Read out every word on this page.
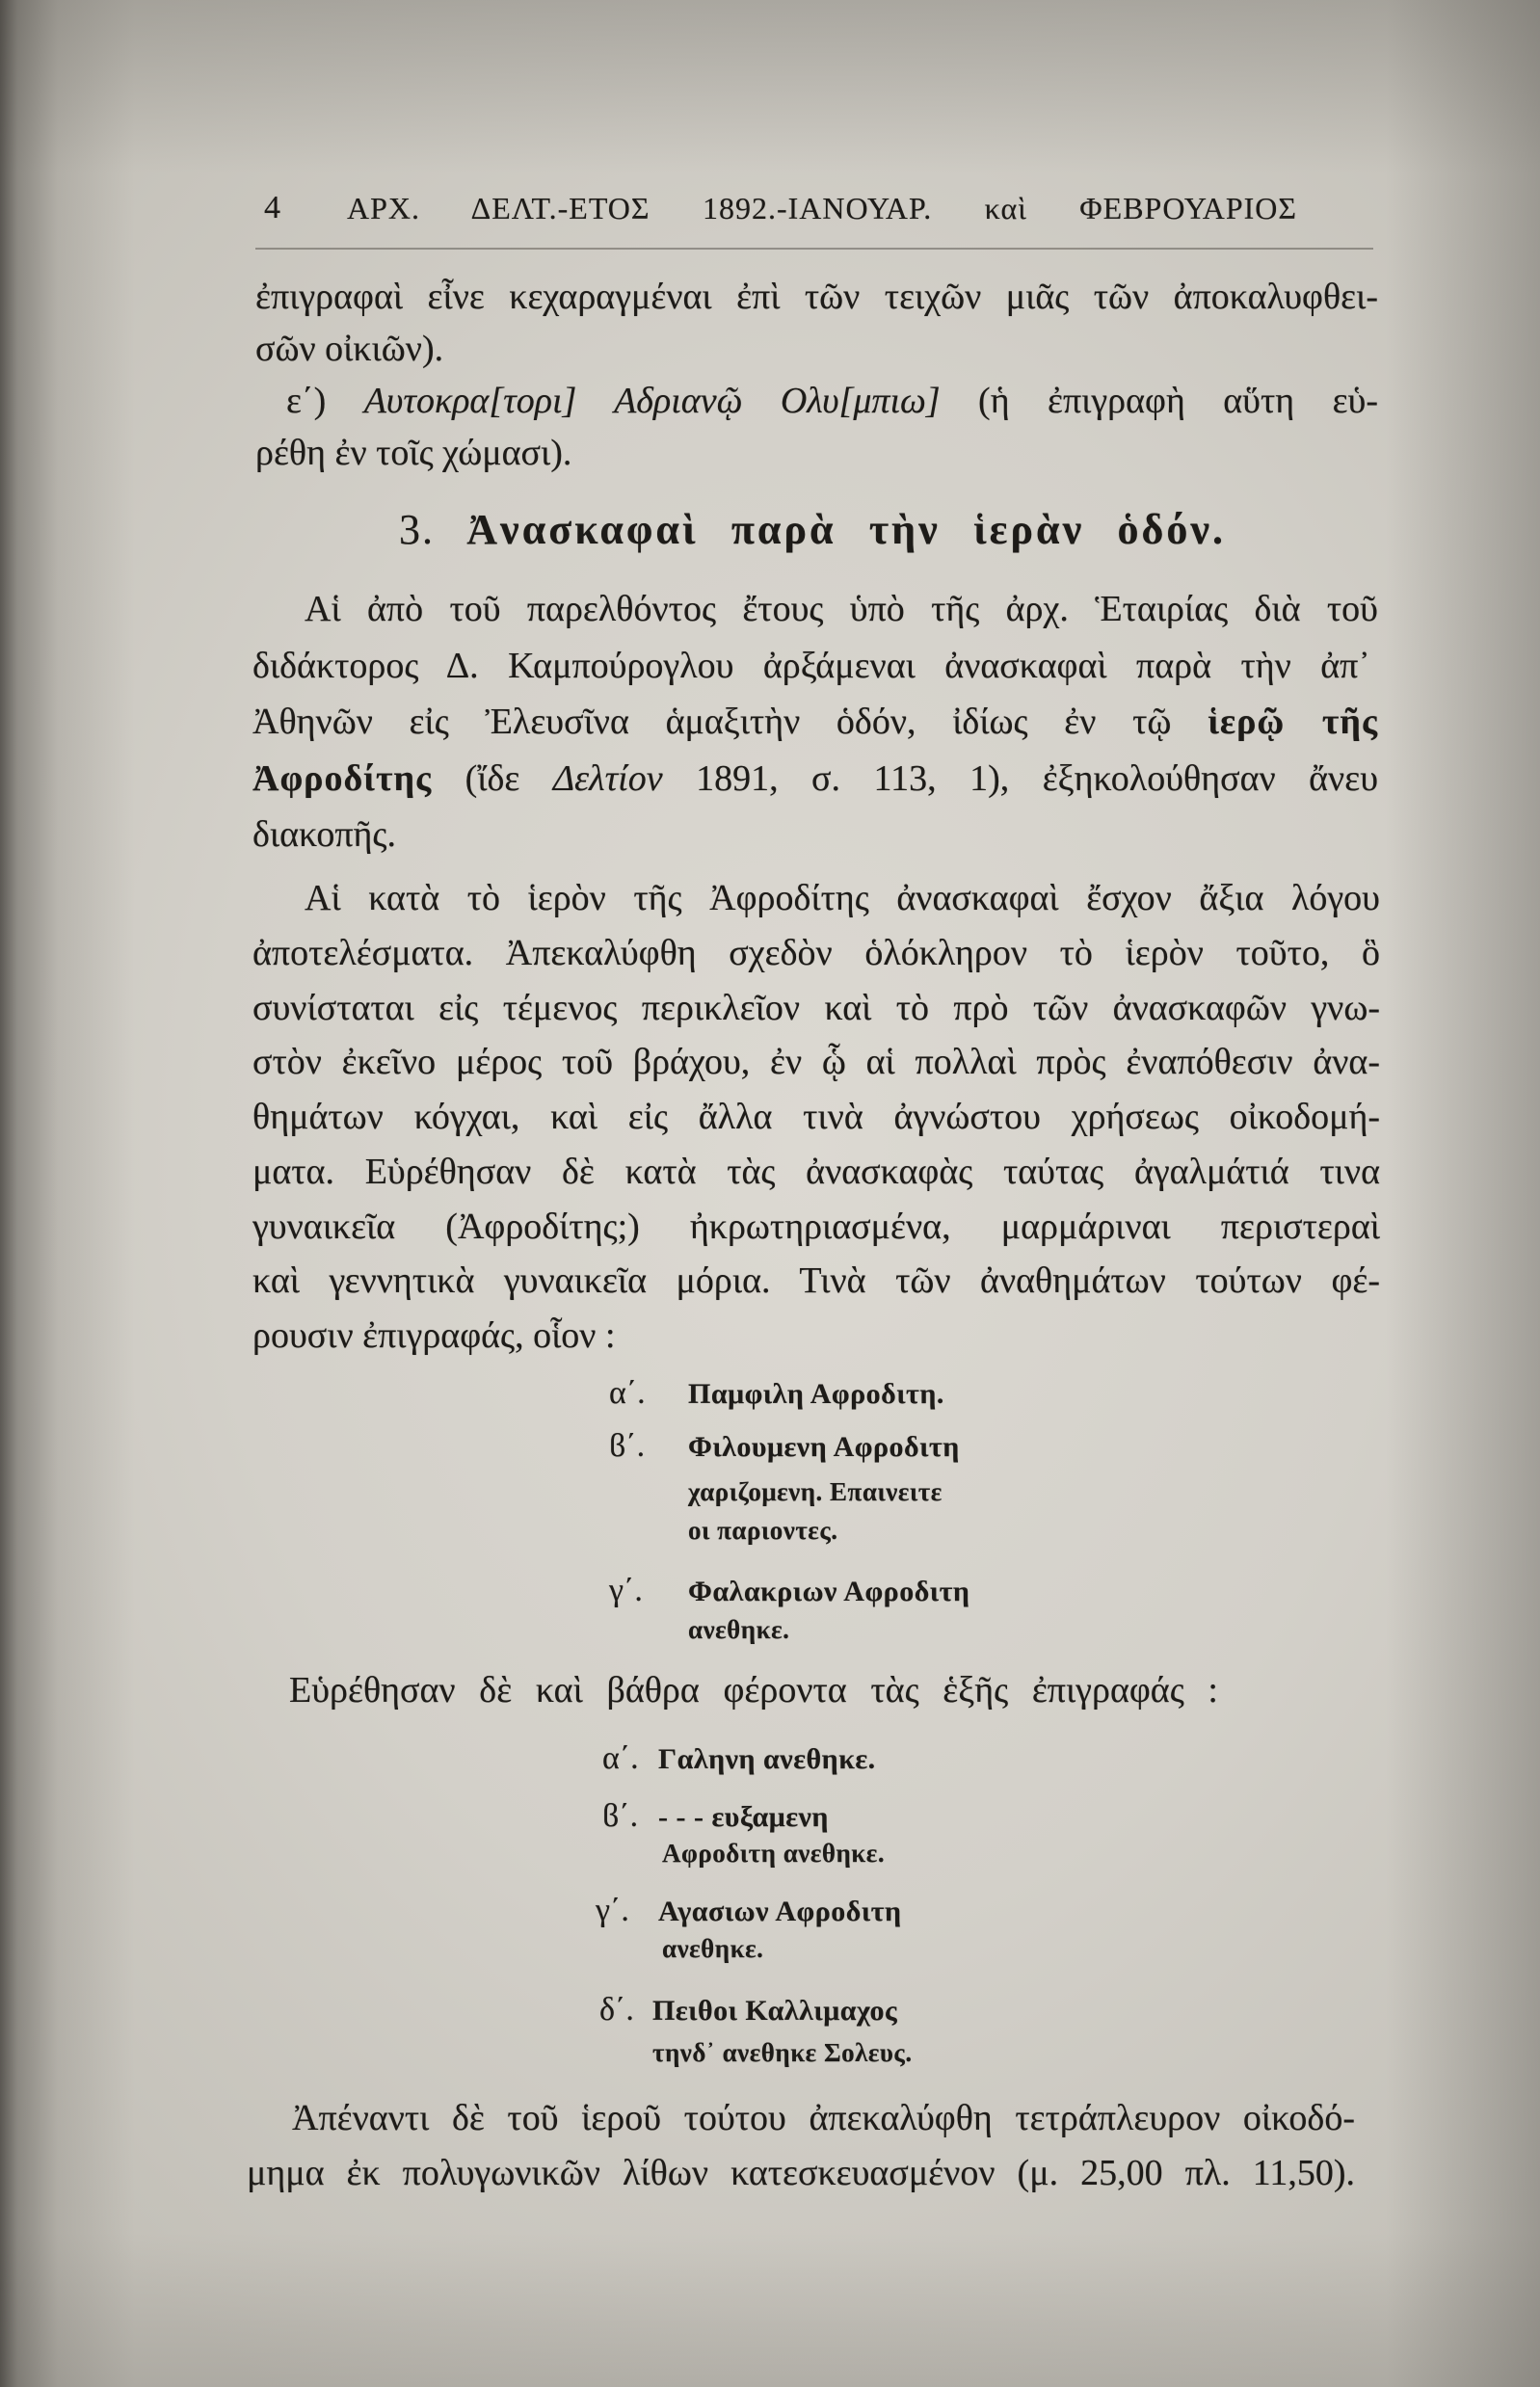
4 ΑΡΧ. ΔΕΛΤ.-ΕΤΟΣ 1892.-ΙΑΝΟΥΑΡ. καὶ ΦΕΒΡΟΥΑΡΙΟΣ
ἐπιγραφαὶ εἶνε κεχαραγμέναι ἐπὶ τῶν τειχῶν μιᾶς τῶν ἀποκαλυφθει-
σῶν οἰκιῶν).
ε΄) Αυτοκρα[τορι] Αδριανῷ Ολυ[μπιω] (ἡ ἐπιγραφὴ αὕτη εὑ-
ρέθη ἐν τοῖς χώμασι).
3. Ἀνασκαφαὶ παρὰ τὴν ἱερὰν ὁδόν.
Αἱ ἀπὸ τοῦ παρελθόντος ἔτους ὑπὸ τῆς ἀρχ. Ἑταιρίας διὰ τοῦ
διδάκτορος Δ. Καμπούρογλου ἀρξάμεναι ἀνασκαφαὶ παρὰ τὴν ἀπ᾽
Ἀθηνῶν εἰς Ἐλευσῖνα ἁμαξιτὴν ὁδόν, ἰδίως ἐν τῷ ἱερῷ τῆς
Ἀφροδίτης (ἴδε Δελτίον 1891, σ. 113, 1), ἐξηκολούθησαν ἄνευ
διακοπῆς.
Αἱ κατὰ τὸ ἱερὸν τῆς Ἀφροδίτης ἀνασκαφαὶ ἔσχον ἄξια λόγου
ἀποτελέσματα. Ἀπεκαλύφθη σχεδὸν ὁλόκληρον τὸ ἱερὸν τοῦτο, ὃ
συνίσταται εἰς τέμενος περικλεῖον καὶ τὸ πρὸ τῶν ἀνασκαφῶν γνω-
στὸν ἐκεῖνο μέρος τοῦ βράχου, ἐν ᾧ αἱ πολλαὶ πρὸς ἐναπόθεσιν ἀνα-
θημάτων κόγχαι, καὶ εἰς ἄλλα τινὰ ἀγνώστου χρήσεως οἰκοδομή-
ματα. Εὑρέθησαν δὲ κατὰ τὰς ἀνασκαφὰς ταύτας ἀγαλμάτιά τινα
γυναικεῖα (Ἀφροδίτης;) ἠκρωτηριασμένα, μαρμάριναι περιστεραὶ
καὶ γεννητικὰ γυναικεῖα μόρια. Τινὰ τῶν ἀναθημάτων τούτων φέ-
ρουσιν ἐπιγραφάς, οἷον :
α΄. Παμφιλη Αφροδιτη.
ϐ΄. Φιλουμενη Αφροδιτη
χαριζομενη. Επαινειτε
οι παριοντες.
γ΄. Φαλακριων Αφροδιτη
ανεθηκε.
Εὑρέθησαν δὲ καὶ βάθρα φέροντα τὰς ἑξῆς ἐπιγραφάς :
α΄. Γαληνη ανεθηκε.
ϐ΄. - - - ευξαμενη
Αφροδιτη ανεθηκε.
γ΄. Αγασιων Αφροδιτη
ανεθηκε.
δ΄. Πειθοι Καλλιμαχος
τηνδ᾽ ανεθηκε Σολευς.
Ἀπέναντι δὲ τοῦ ἱεροῦ τούτου ἀπεκαλύφθη τετράπλευρον οἰκοδό-
μημα ἐκ πολυγωνικῶν λίθων κατεσκευασμένον (μ. 25,00 πλ. 11,50).
